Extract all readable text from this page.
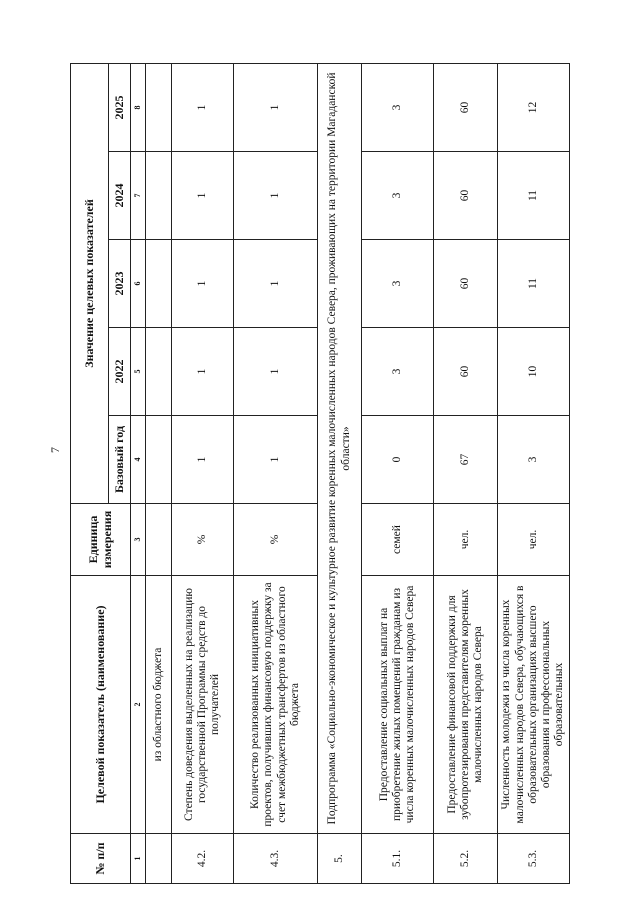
7
№ п/п	Целевой показатель (наименование)	Единица измерения	Значение целевых показателей				
			Базовый год	2022	2023	2024	2025
1	2	3	4	5	6	7	8
	из областного бюджета						
4.2.	Степень доведения выделенных на реализацию государственной Программы средств до получателей	%	1	1	1	1	1
4.3.	Количество реализованных инициативных проектов, получивших финансовую поддержку за счет межбюджетных трансфертов из областного бюджета	%	1	1	1	1	1
5.	Подпрограмма «Социально-экономическое и культурное развитие коренных малочисленных народов Севера, проживающих на территории Магаданской области»						
5.1.	Предоставление социальных выплат на приобретение жилых помещений гражданам из числа коренных малочисленных народов Севера	семей	0	3	3	3	3
5.2.	Предоставление финансовой поддержки для зубопротезирования представителям коренных малочисленных народов Севера	чел.	67	60	60	60	60
5.3.	Численность молодежи из числа коренных малочисленных народов Севера, обучающихся в образовательных организациях высшего образования и профессиональных образовательных	чел.	3	10	11	11	12
